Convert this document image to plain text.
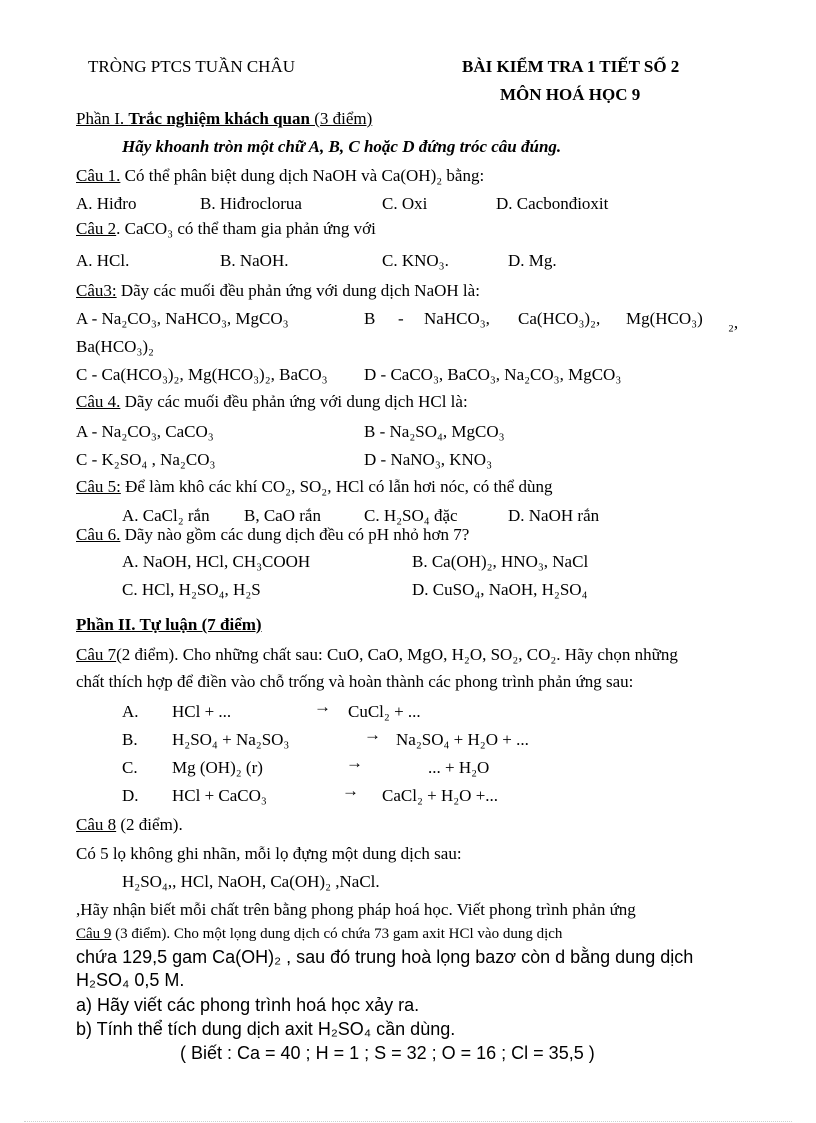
TRÒNG PTCS TUẦN CHÂU	BÀI KIỂM TRA 1 TIẾT SỐ 2
MÔN HOÁ HỌC 9
Phần I. Trắc nghiệm khách quan (3 điểm)
Hãy khoanh tròn một chữ A, B, C hoặc D đứng tróc câu đúng.
Câu 1. Có thể phân biệt dung dịch NaOH và Ca(OH)₂ bằng:
A. Hiđro	B. Hiđroclorua	C. Oxi	D. Cacbonđioxit
Câu 2. CaCO₃ có thể tham gia phản ứng với
A. HCl.	B. NaOH.	C. KNO₃.	D. Mg.
Câu3: Dãy các muối đều phản ứng với dung dịch NaOH là:
A - Na₂CO₃, NaHCO₃, MgCO₃	B - NaHCO₃, Ca(HCO₃)₂, Mg(HCO₃) ₂,
Ba(HCO₃)₂
C - Ca(HCO₃)₂, Mg(HCO₃)₂, BaCO₃ D - CaCO₃, BaCO₃, Na₂CO₃, MgCO₃
Câu 4. Dãy các muối đều phản ứng với dung dịch HCl là:
A - Na₂CO₃, CaCO₃	B - Na₂SO₄, MgCO₃
C - K₂SO₄ , Na₂CO₃	D - NaNO₃, KNO₃
Câu 5: Để làm khô các khí CO₂, SO₂, HCl có lẫn hơi nóc, có thể dùng
A. CaCl₂ rắn B, CaO rắn	C. H₂SO₄ đặc	D. NaOH rắn
Câu 6. Dãy nào gồm các dung dịch đều có pH nhỏ hơn 7?
A. NaOH, HCl, CH₃COOH	B. Ca(OH)₂, HNO₃, NaCl
C. HCl, H₂SO₄, H₂S	D. CuSO₄, NaOH, H₂SO₄
Phần II. Tự luận (7 điểm)
Câu 7(2 điểm). Cho những chất sau: CuO, CaO, MgO, H₂O, SO₂, CO₂. Hãy chọn những
chất thích hợp để điền vào chỗ trống và hoàn thành các phong trình phản ứng sau:
A. HCl + ...	→ CuCl₂ + ...
B. H₂SO₄ + Na₂SO₃	→ Na₂SO₄ + H₂O + ...
C. Mg (OH)₂ (r)	→	... + H₂O
D. HCl + CaCO₃	→ CaCl₂ + H₂O +...
Câu 8 (2 điểm).
Có 5 lọ không ghi nhãn, mỗi lọ đựng một dung dịch sau:
H₂SO₄,, HCl, NaOH, Ca(OH)₂ ,NaCl.
,Hãy nhận biết mỗi chất trên bằng phong pháp hoá học. Viết phong trình phản ứng
Câu 9 (3 điểm). Cho một lọng dung dịch có chứa 73 gam axit HCl vào dung dịch
chứa 129,5 gam Ca(OH)₂ , sau đó trung hoà lọng bazơ còn d bằng dung dịch
H₂SO₄ 0,5 M.
a) Hãy viết các phong trình hoá học xảy ra.
b) Tính thể tích dung dịch axit H₂SO₄ cần dùng.
( Biết : Ca = 40 ; H = 1 ; S = 32 ; O = 16 ; Cl = 35,5 )
